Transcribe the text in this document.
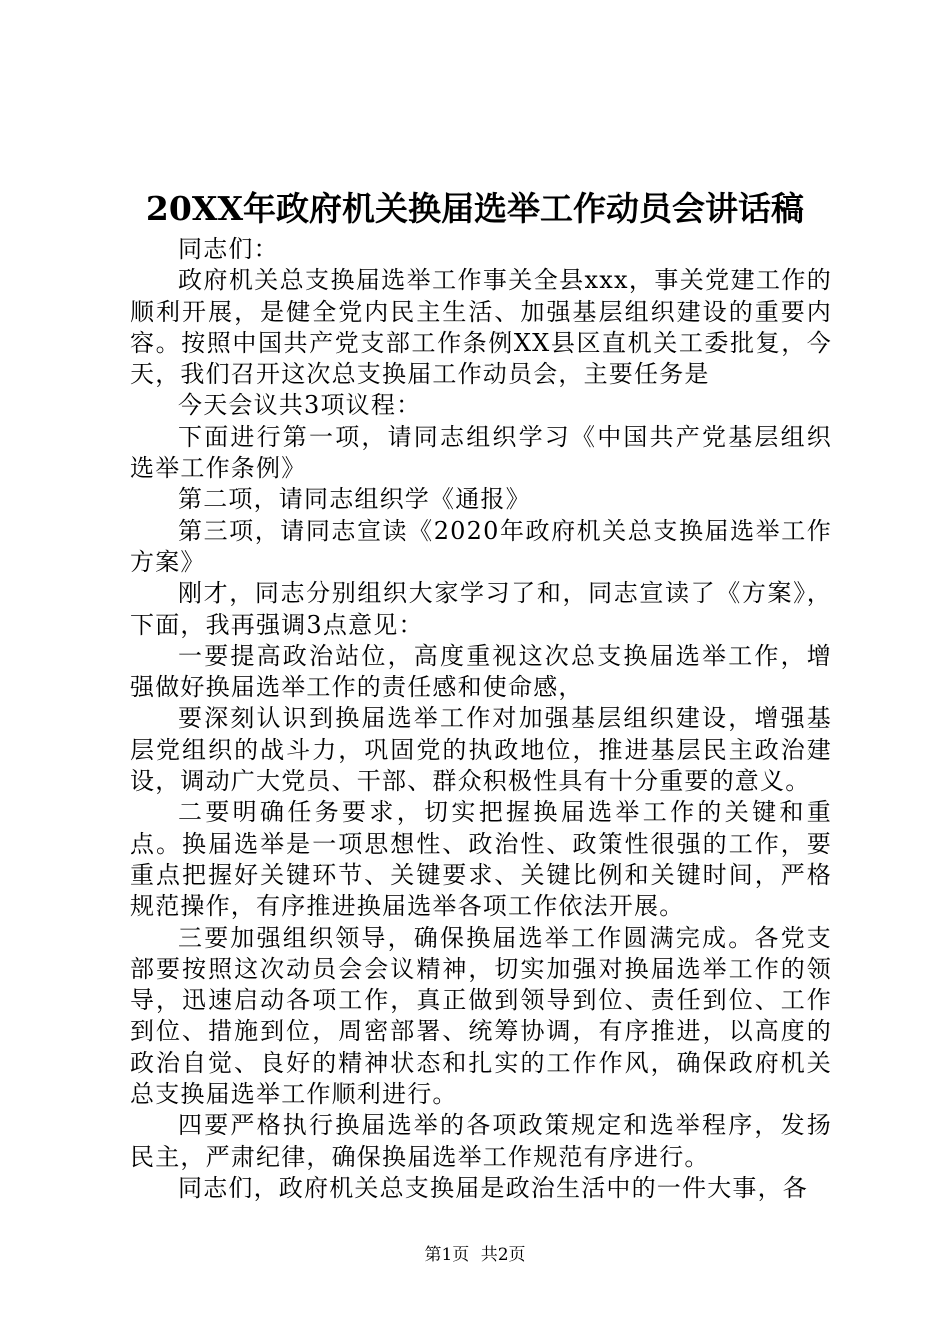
20XX年政府机关换届选举工作动员会讲话稿

同志们：

政府机关总支换届选举工作事关全县xxx，事关党建工作的顺利开展，是健全党内民主生活、加强基层组织建设的重要内容。按照中国共产党支部工作条例XX县区直机关工委批复，今天，我们召开这次总支换届工作动员会，主要任务是

今天会议共3项议程：

下面进行第一项，请同志组织学习《中国共产党基层组织选举工作条例》

第二项，请同志组织学《通报》

第三项，请同志宣读《2020年政府机关总支换届选举工作方案》

刚才，同志分别组织大家学习了和，同志宣读了《方案》，下面，我再强调3点意见：

一要提高政治站位，高度重视这次总支换届选举工作，增强做好换届选举工作的责任感和使命感，

要深刻认识到换届选举工作对加强基层组织建设，增强基层党组织的战斗力，巩固党的执政地位，推进基层民主政治建设，调动广大党员、干部、群众积极性具有十分重要的意义。

二要明确任务要求，切实把握换届选举工作的关键和重点。换届选举是一项思想性、政治性、政策性很强的工作，要重点把握好关键环节、关键要求、关键比例和关键时间，严格规范操作，有序推进换届选举各项工作依法开展。

三要加强组织领导，确保换届选举工作圆满完成。各党支部要按照这次动员会会议精神，切实加强对换届选举工作的领导，迅速启动各项工作，真正做到领导到位、责任到位、工作到位、措施到位，周密部署、统筹协调，有序推进，以高度的政治自觉、良好的精神状态和扎实的工作作风，确保政府机关总支换届选举工作顺利进行。

四要严格执行换届选举的各项政策规定和选举程序，发扬民主，严肃纪律，确保换届选举工作规范有序进行。

同志们，政府机关总支换届是政治生活中的一件大事，各

第1页 共2页
